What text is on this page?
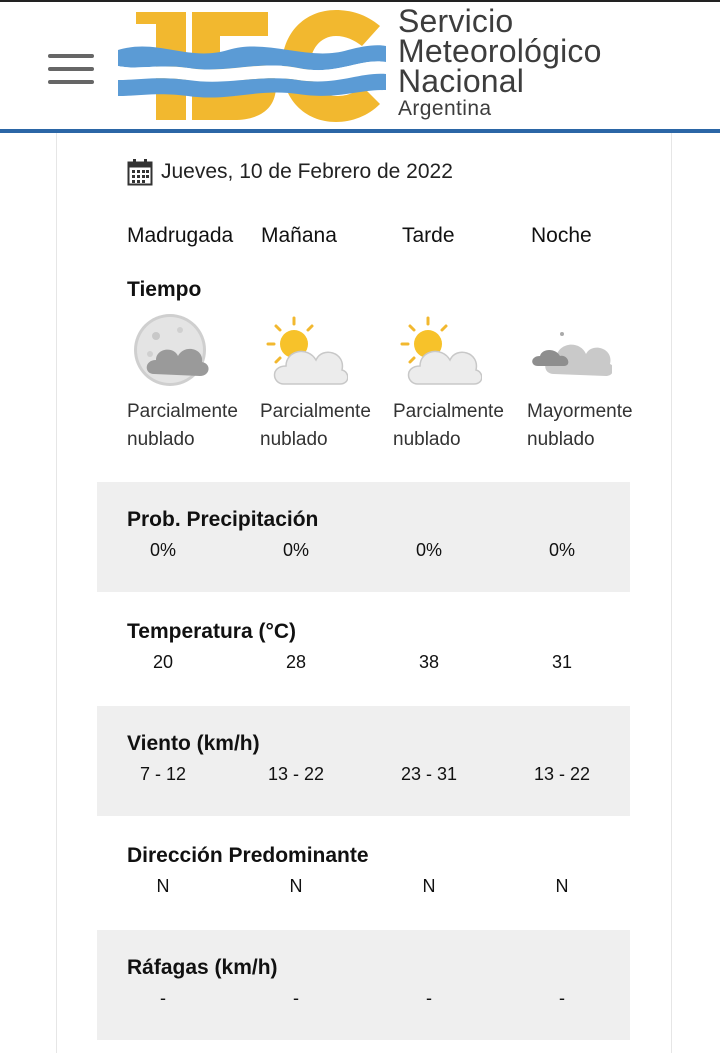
Servicio
Meteorológico
Nacional
Argentina
Jueves, 10 de Febrero de 2022
Madrugada Mañana	Tarde	Noche
Tiempo
Parcialmente
nublado
Parcialmente
nublado
Parcialmente
nublado
Mayormente
nublado
Prob. Precipitación
0%	0%	0%	0%
Temperatura (°C)
20	28	38	31
Viento (km/h)
7 - 12	13 - 22	23 - 31	13 - 22
Dirección Predominante
N	N	N	N
Ráfagas (km/h)
-	-	-	-
